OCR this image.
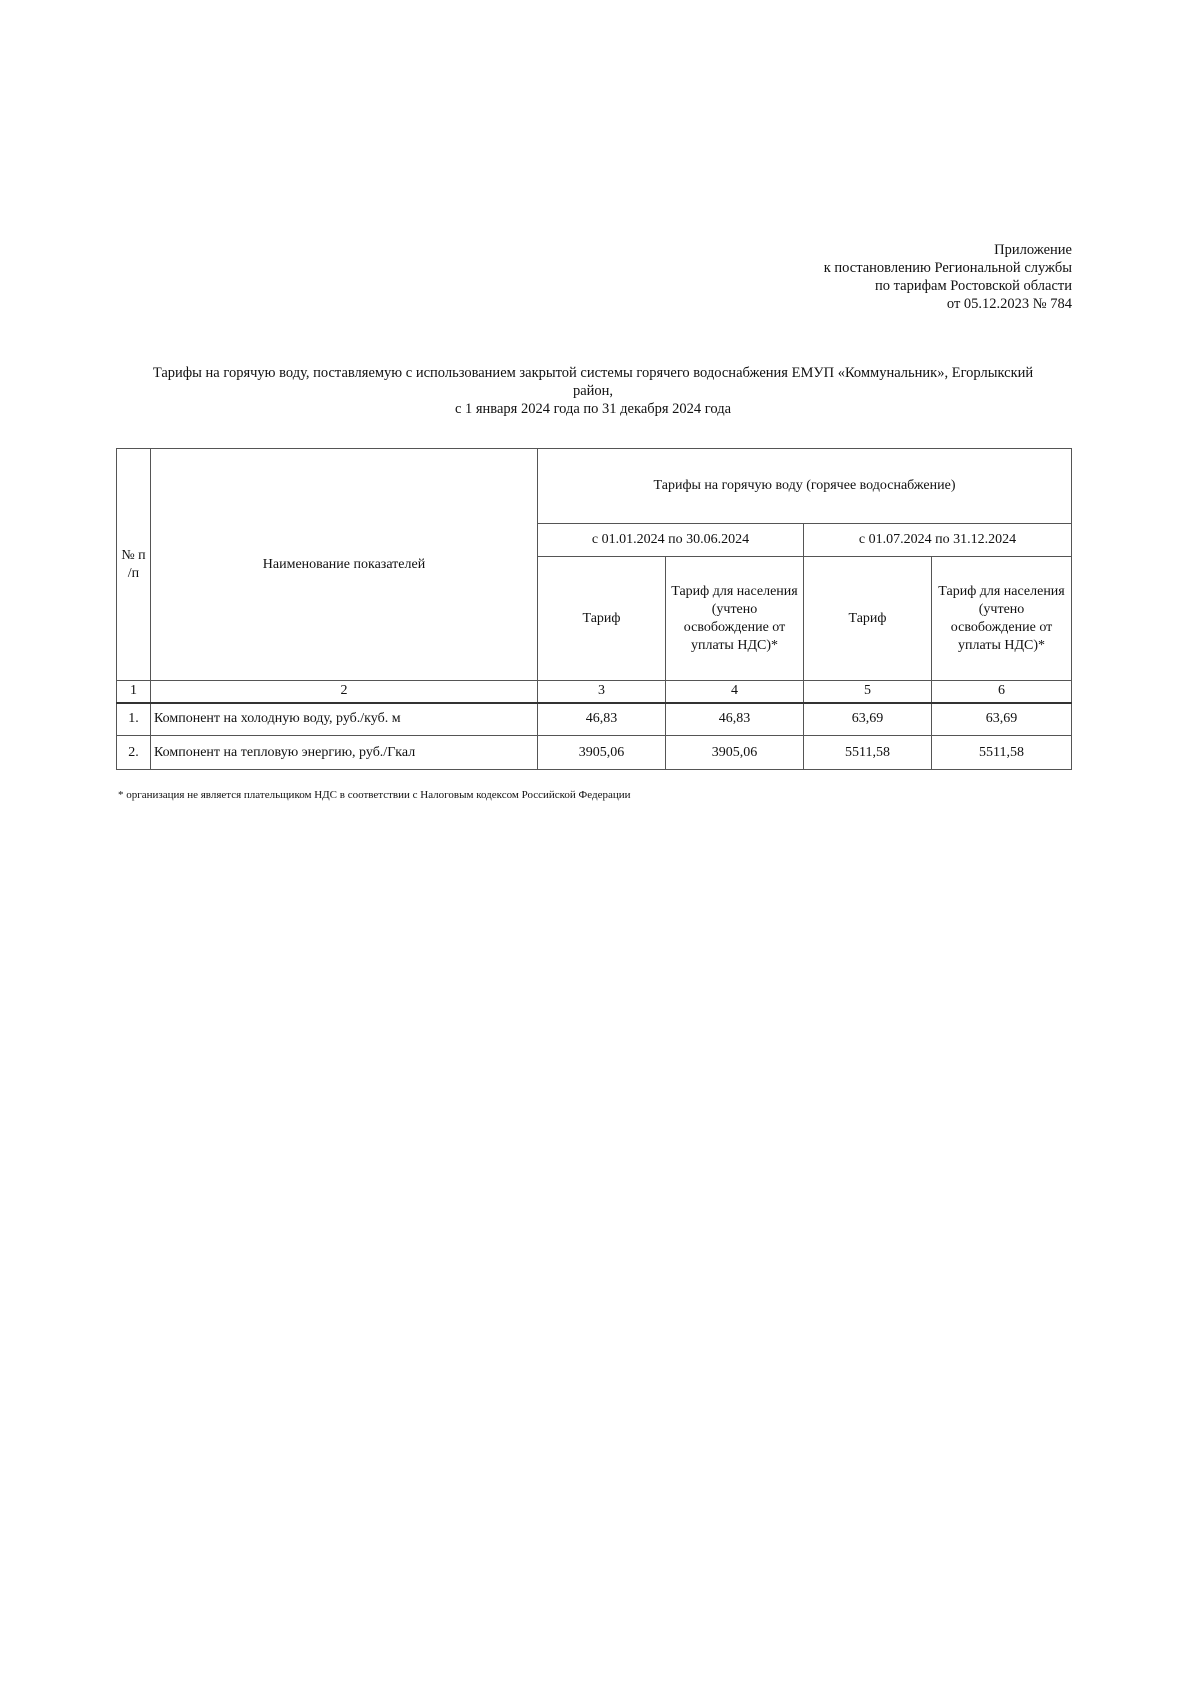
Приложение
к постановлению Региональной службы
по тарифам Ростовской области
от 05.12.2023 № 784
Тарифы на горячую воду, поставляемую с использованием закрытой системы горячего водоснабжения ЕМУП «Коммунальник», Егорлыкский
район,
с 1 января 2024 года по 31 декабря 2024 года
№ п /п	Наименование показателей	Тарифы на горячую воду (горячее водоснабжение)			
		с 01.01.2024 по 30.06.2024		с 01.07.2024 по 31.12.2024	
		Тариф	Тариф для населения (учтено освобождение от уплаты НДС)*	Тариф	Тариф для населения (учтено освобождение от уплаты НДС)*
1	2	3	4	5	6
1.	Компонент на холодную воду, руб./куб. м	46,83	46,83	63,69	63,69
2.	Компонент на тепловую энергию, руб./Гкал	3905,06	3905,06	5511,58	5511,58
* организация не является плательщиком НДС в соответствии с Налоговым кодексом Российской Федерации
